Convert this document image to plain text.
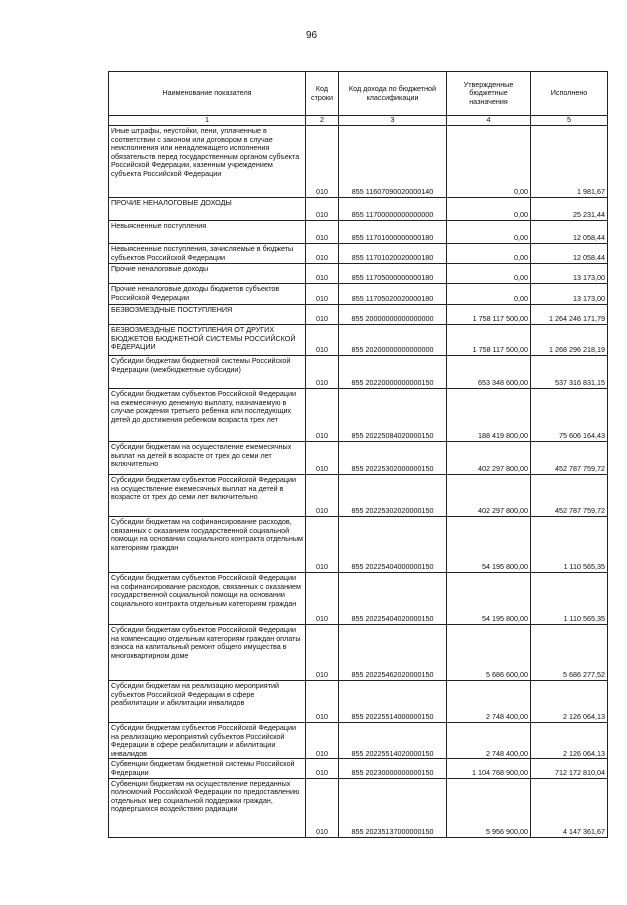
96
Наименование показателя	Код строки	Код дохода по бюджетной классификации	Утвержденные бюджетные назначения	Исполнено
1	2	3	4	5
Иные штрафы, неустойки, пени, уплаченные в соответствии с законом или договором в случае неисполнения или ненадлежащего исполнения обязательств перед государственным органом субъекта Российской Федерации, казенным учреждением субъекта Российской Федерации	010	855 11607090020000140	0,00	1 981,67
ПРОЧИЕ НЕНАЛОГОВЫЕ ДОХОДЫ	010	855 11700000000000000	0,00	25 231,44
Невыясненные поступления	010	855 11701000000000180	0,00	12 058,44
Невыясненные поступления, зачисляемые в бюджеты субъектов Российской Федерации	010	855 11701020020000180	0,00	12 058,44
Прочие неналоговые доходы	010	855 11705000000000180	0,00	13 173,00
Прочие неналоговые доходы бюджетов субъектов Российской Федерации	010	855 11705020020000180	0,00	13 173,00
БЕЗВОЗМЕЗДНЫЕ ПОСТУПЛЕНИЯ	010	855 20000000000000000	1 758 117 500,00	1 264 246 171,79
БЕЗВОЗМЕЗДНЫЕ ПОСТУПЛЕНИЯ ОТ ДРУГИХ БЮДЖЕТОВ БЮДЖЕТНОЙ СИСТЕМЫ РОССИЙСКОЙ ФЕДЕРАЦИИ	010	855 20200000000000000	1 758 117 500,00	1 268 296 218,19
Субсидии бюджетам бюджетной системы Российской Федерации (межбюджетные субсидии)	010	855 20220000000000150	653 348 600,00	537 316 831,15
Субсидии бюджетам субъектов Российской Федерации на ежемесячную денежную выплату, назначаемую в случае рождения третьего ребенка или последующих детей до достижения ребенком возраста трех лет	010	855 20225084020000150	188 419 800,00	75 606 164,43
Субсидии бюджетам на осуществление ежемесячных выплат на детей в возрасте от трех до семи лет включительно	010	855 20225302000000150	402 297 800,00	452 787 759,72
Субсидии бюджетам субъектов Российской Федерации на осуществление ежемесячных выплат на детей в возрасте от трех до семи лет включительно	010	855 20225302020000150	402 297 800,00	452 787 759,72
Субсидии бюджетам на софинансирование расходов, связанных с оказанием государственной социальной помощи на основании социального контракта отдельным категориям граждан	010	855 20225404000000150	54 195 800,00	1 110 565,35
Субсидии бюджетам субъектов Российской Федерации на софинансирование расходов, связанных с оказанием государственной социальной помощи на основании социального контракта отдельным категориям граждан	010	855 20225404020000150	54 195 800,00	1 110 565,35
Субсидии бюджетам субъектов Российской Федерации на компенсацию отдельным категориям граждан оплаты взноса на капитальный ремонт общего имущества в многоквартирном доме	010	855 20225462020000150	5 686 600,00	5 686 277,52
Субсидии бюджетам на реализацию мероприятий субъектов Российской Федерации в сфере реабилитации и абилитации инвалидов	010	855 20225514000000150	2 748 400,00	2 126 064,13
Субсидии бюджетам субъектов Российской Федерации на реализацию мероприятий субъектов Российской Федерации в сфере реабилитации и абилитации инвалидов	010	855 20225514020000150	2 748 400,00	2 126 064,13
Субвенции бюджетам бюджетной системы Российской Федерации	010	855 20230000000000150	1 104 768 900,00	712 172 810,04
Субвенции бюджетам на осуществление переданных полномочий Российской Федерации по предоставлению отдельных мер социальной поддержки граждан, подвергшихся воздействию радиации	010	855 20235137000000150	5 956 900,00	4 147 361,67
